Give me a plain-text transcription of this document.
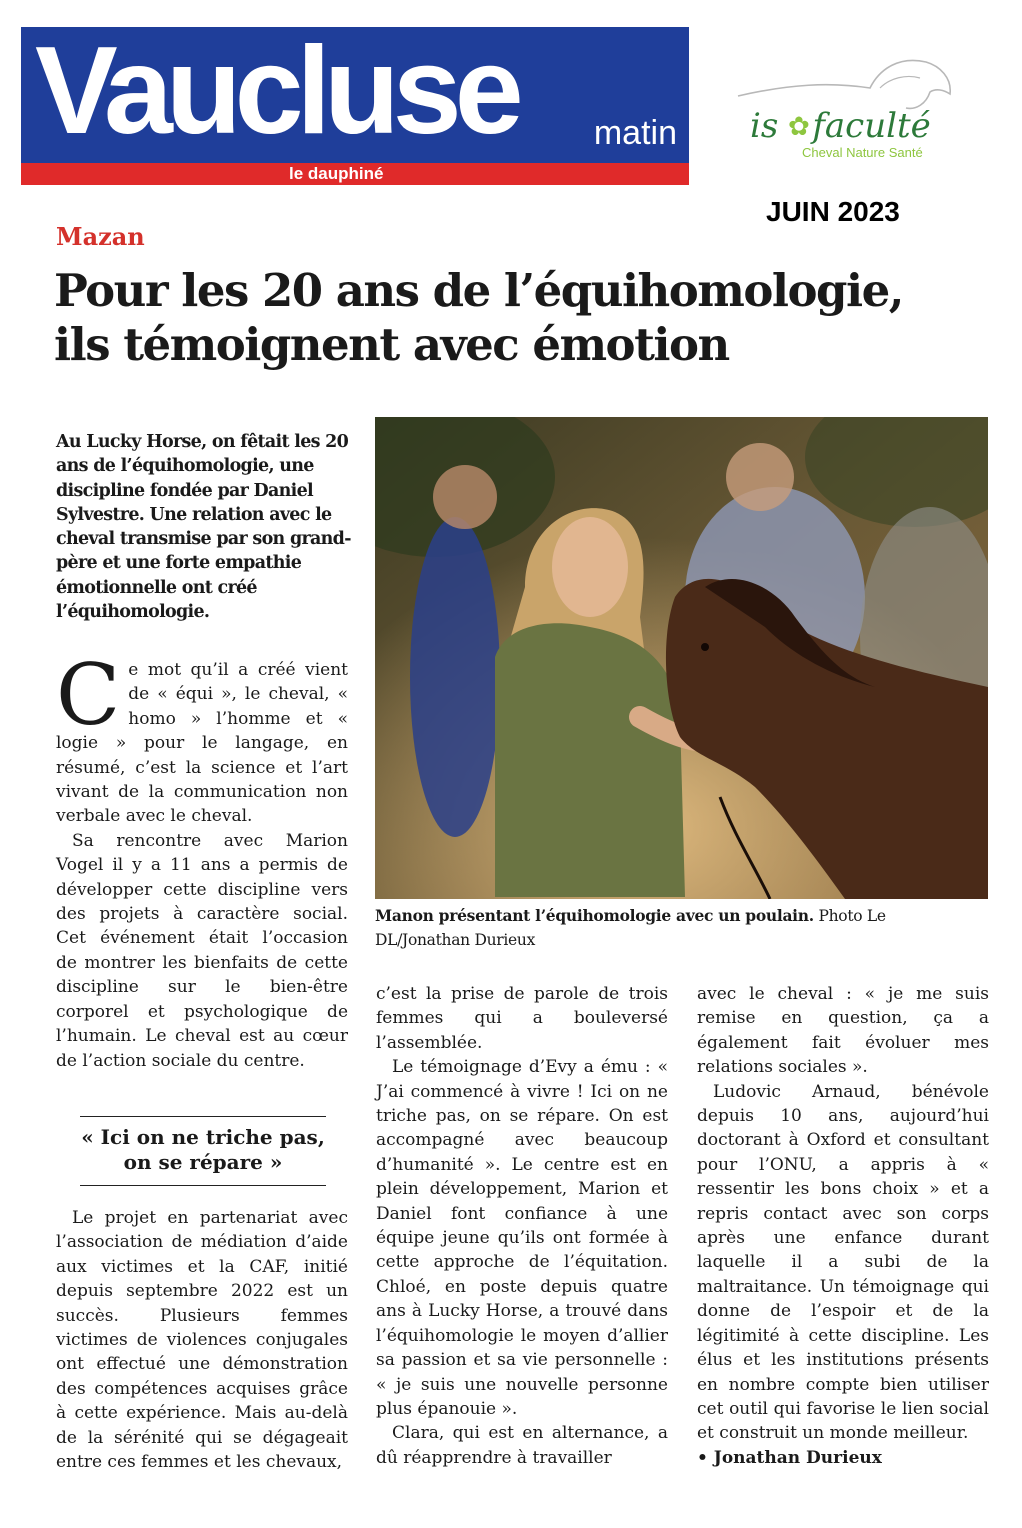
Vaucluse matin
le dauphiné
is faculté
✿
Cheval Nature Santé
JUIN 2023
Mazan
Pour les 20 ans de l’équihomologie,
ils témoignent avec émotion
Au Lucky Horse, on fêtait les 20 ans de l’équihomologie, une discipline fondée par Daniel Sylvestre. Une relation avec le cheval transmise par son grand-père et une forte empathie émotionnelle ont créé l’équihomologie.
Manon présentant l’équihomologie avec un poulain. Photo Le DL/Jonathan Durieux

Ce mot qu’il a créé vient de « équi », le cheval, « homo » l’homme et « logie » pour le langage, en résumé, c’est la science et l’art vivant de la communication non verbale avec le cheval.

Sa rencontre avec Marion Vogel il y a 11 ans a permis de développer cette discipline vers des projets à caractère social. Cet événement était l’occasion de montrer les bienfaits de cette discipline sur le bien-être corporel et psychologique de l’humain. Le cheval est au cœur de l’action sociale du centre.

« Ici on ne triche pas, on se répare »

Le projet en partenariat avec l’association de médiation d’aide aux victimes et la CAF, initié depuis septembre 2022 est un succès. Plusieurs femmes victimes de violences conjugales ont effectué une démonstration des compétences acquises grâce à cette expérience. Mais au-delà de la sérénité qui se dégageait entre ces femmes et les chevaux,

c’est la prise de parole de trois femmes qui a bouleversé l’assemblée.

Le témoignage d’Evy a ému : « J’ai commencé à vivre ! Ici on ne triche pas, on se répare. On est accompagné avec beaucoup d’humanité ». Le centre est en plein développement, Marion et Daniel font confiance à une équipe jeune qu’ils ont formée à cette approche de l’équitation. Chloé, en poste depuis quatre ans à Lucky Horse, a trouvé dans l’équihomologie le moyen d’allier sa passion et sa vie personnelle : « je suis une nouvelle personne plus épanouie ».

Clara, qui est en alternance, a dû réapprendre à travailler

avec le cheval : « je me suis remise en question, ça a également fait évoluer mes relations sociales ».

Ludovic Arnaud, bénévole depuis 10 ans, aujourd’hui doctorant à Oxford et consultant pour l’ONU, a appris à « ressentir les bons choix » et a repris contact avec son corps après une enfance durant laquelle il a subi de la maltraitance. Un témoignage qui donne de l’espoir et de la légitimité à cette discipline. Les élus et les institutions présents en nombre compte bien utiliser cet outil qui favorise le lien social et construit un monde meilleur.

• Jonathan Durieux
